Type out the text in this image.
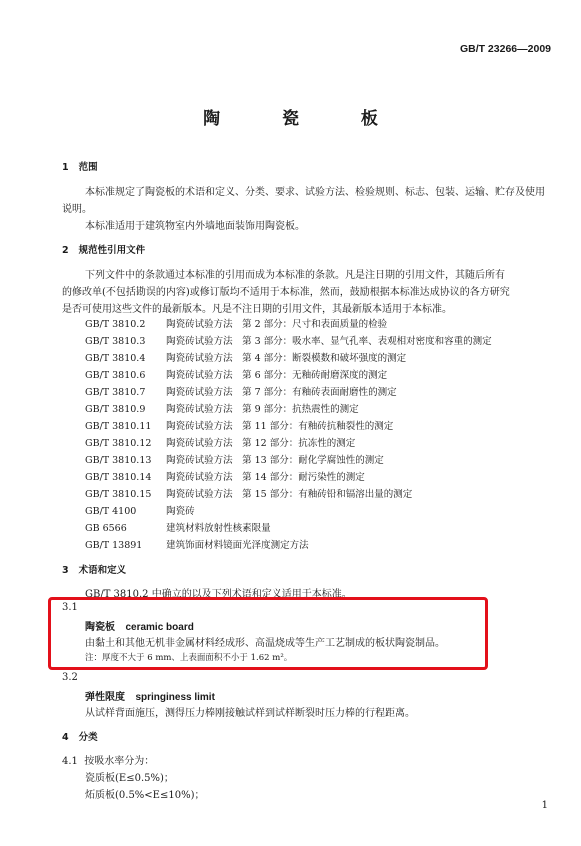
GB/T 23266—2009
陶 瓷 板
1 范围
本标准规定了陶瓷板的术语和定义、分类、要求、试验方法、检验规则、标志、包装、运输、贮存及使用
说明。
本标准适用于建筑物室内外墙地面装饰用陶瓷板。
2 规范性引用文件
下列文件中的条款通过本标准的引用而成为本标准的条款。凡是注日期的引用文件，其随后所有
的修改单(不包括勘误的内容)或修订版均不适用于本标准，然而，鼓励根据本标准达成协议的各方研究
是否可使用这些文件的最新版本。凡是不注日期的引用文件，其最新版本适用于本标准。
GB/T 3810.2 陶瓷砖试验方法　第 2 部分：尺寸和表面质量的检验
GB/T 3810.3 陶瓷砖试验方法　第 3 部分：吸水率、显气孔率、表观相对密度和容重的测定
GB/T 3810.4 陶瓷砖试验方法　第 4 部分：断裂模数和破坏强度的测定
GB/T 3810.6 陶瓷砖试验方法　第 6 部分：无釉砖耐磨深度的测定
GB/T 3810.7 陶瓷砖试验方法　第 7 部分：有釉砖表面耐磨性的测定
GB/T 3810.9 陶瓷砖试验方法　第 9 部分：抗热震性的测定
GB/T 3810.11 陶瓷砖试验方法　第 11 部分：有釉砖抗釉裂性的测定
GB/T 3810.12 陶瓷砖试验方法　第 12 部分：抗冻性的测定
GB/T 3810.13 陶瓷砖试验方法　第 13 部分：耐化学腐蚀性的测定
GB/T 3810.14 陶瓷砖试验方法　第 14 部分：耐污染性的测定
GB/T 3810.15 陶瓷砖试验方法　第 15 部分：有釉砖铅和镉溶出量的测定
GB/T 4100	陶瓷砖
GB 6566	建筑材料放射性核素限量
GB/T 13891 建筑饰面材料镜面光泽度测定方法
3 术语和定义
GB/T 3810.2 中确立的以及下列术语和定义适用于本标准。
3.1
陶瓷板 ceramic board
由黏土和其他无机非金属材料经成形、高温烧成等生产工艺制成的板状陶瓷制品。
注：厚度不大于 6 mm、上表面面积不小于 1.62 m²。
3.2
弹性限度 springiness limit
从试样背面施压，测得压力棒刚接触试样到试样断裂时压力棒的行程距离。
4 分类
4.1 按吸水率分为：
瓷质板(E≤0.5%)；
炻质板(0.5%<E≤10%)；
1
